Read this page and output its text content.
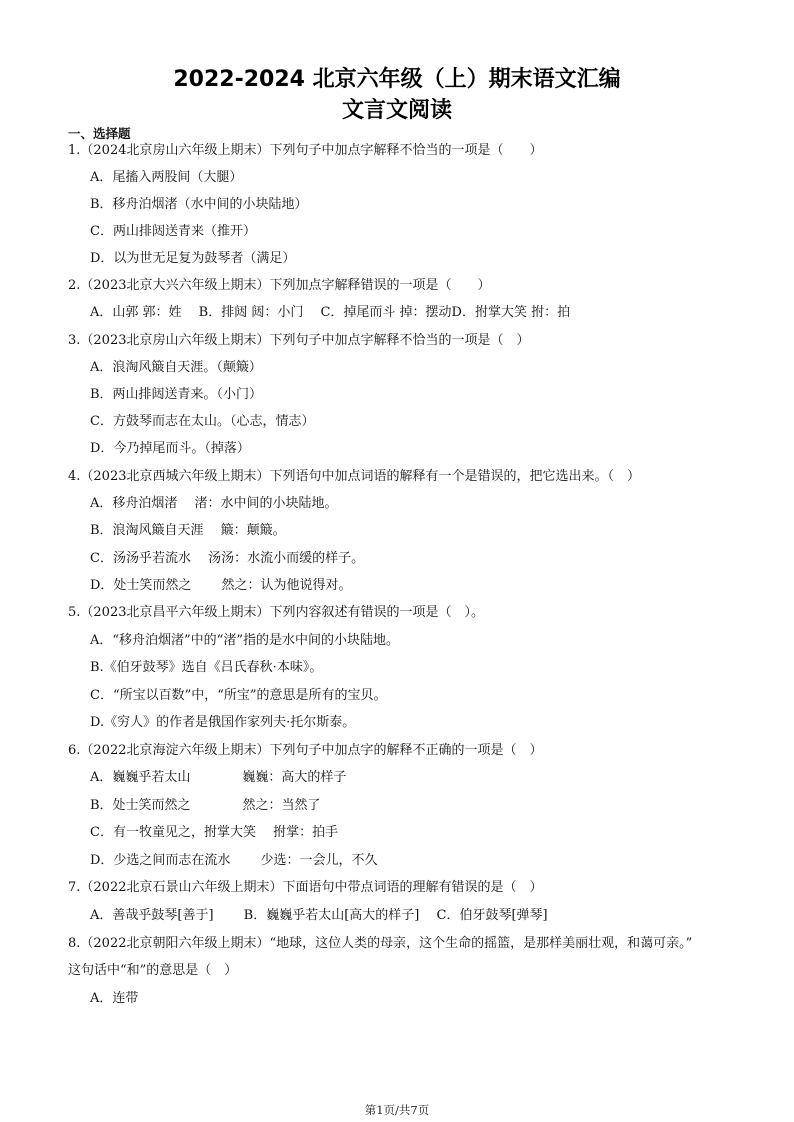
2022-2024 北京六年级（上）期末语文汇编
文言文阅读
一、选择题
1.（2024北京房山六年级上期末）下列句子中加点字解释不恰当的一项是（　　）
A．尾搐入两股间（大腿）
B．移舟泊烟渚（水中间的小块陆地）
C．两山排闼送青来（推开）
D．以为世无足复为鼓琴者（满足）
2.（2023北京大兴六年级上期末）下列加点字解释错误的一项是（　　）
A．山郭 郭：姓　 B．排闼 闼：小门　 C．掉尾而斗 掉：摆动D．拊掌大笑 拊：拍
3.（2023北京房山六年级上期末）下列句子中加点字解释不恰当的一项是（　）
A．浪淘风簸自天涯。（颠簸）
B．两山排闼送青来。（小门）
C．方鼓琴而志在太山。（心志，情志）
D．今乃掉尾而斗。（掉落）
4.（2023北京西城六年级上期末）下列语句中加点词语的解释有一个是错误的，把它选出来。（　）
A．移舟泊烟渚　 渚：水中间的小块陆地。
B．浪淘风簸自天涯　 簸：颠簸。
C．汤汤乎若流水　 汤汤：水流小而缓的样子。
D．处士笑而然之　　 然之：认为他说得对。
5.（2023北京昌平六年级上期末）下列内容叙述有错误的一项是（　）。
A．“移舟泊烟渚”中的“渚”指的是水中间的小块陆地。
B.《伯牙鼓琴》选自《吕氏春秋·本味》。
C．“所宝以百数”中，“所宝”的意思是所有的宝贝。
D.《穷人》的作者是俄国作家列夫·托尔斯泰。
6.（2022北京海淀六年级上期末）下列句子中加点字的解释不正确的一项是（　）
A．巍巍乎若太山　　　　巍巍：高大的样子
B．处士笑而然之　　　　然之：当然了
C．有一牧童见之，拊掌大笑　 拊掌：拍手
D．少选之间而志在流水　　 少选：一会儿，不久
7.（2022北京石景山六年级上期末）下面语句中带点词语的理解有错误的是（　）
A．善哉乎鼓琴[善于]　　 B．巍巍乎若太山[高大的样子]　 C．伯牙鼓琴[弹琴]
8.（2022北京朝阳六年级上期末）“地球，这位人类的母亲，这个生命的摇篮，是那样美丽壮观，和蔼可亲。”
这句话中“和”的意思是（　）
A．连带
第1页/共7页
